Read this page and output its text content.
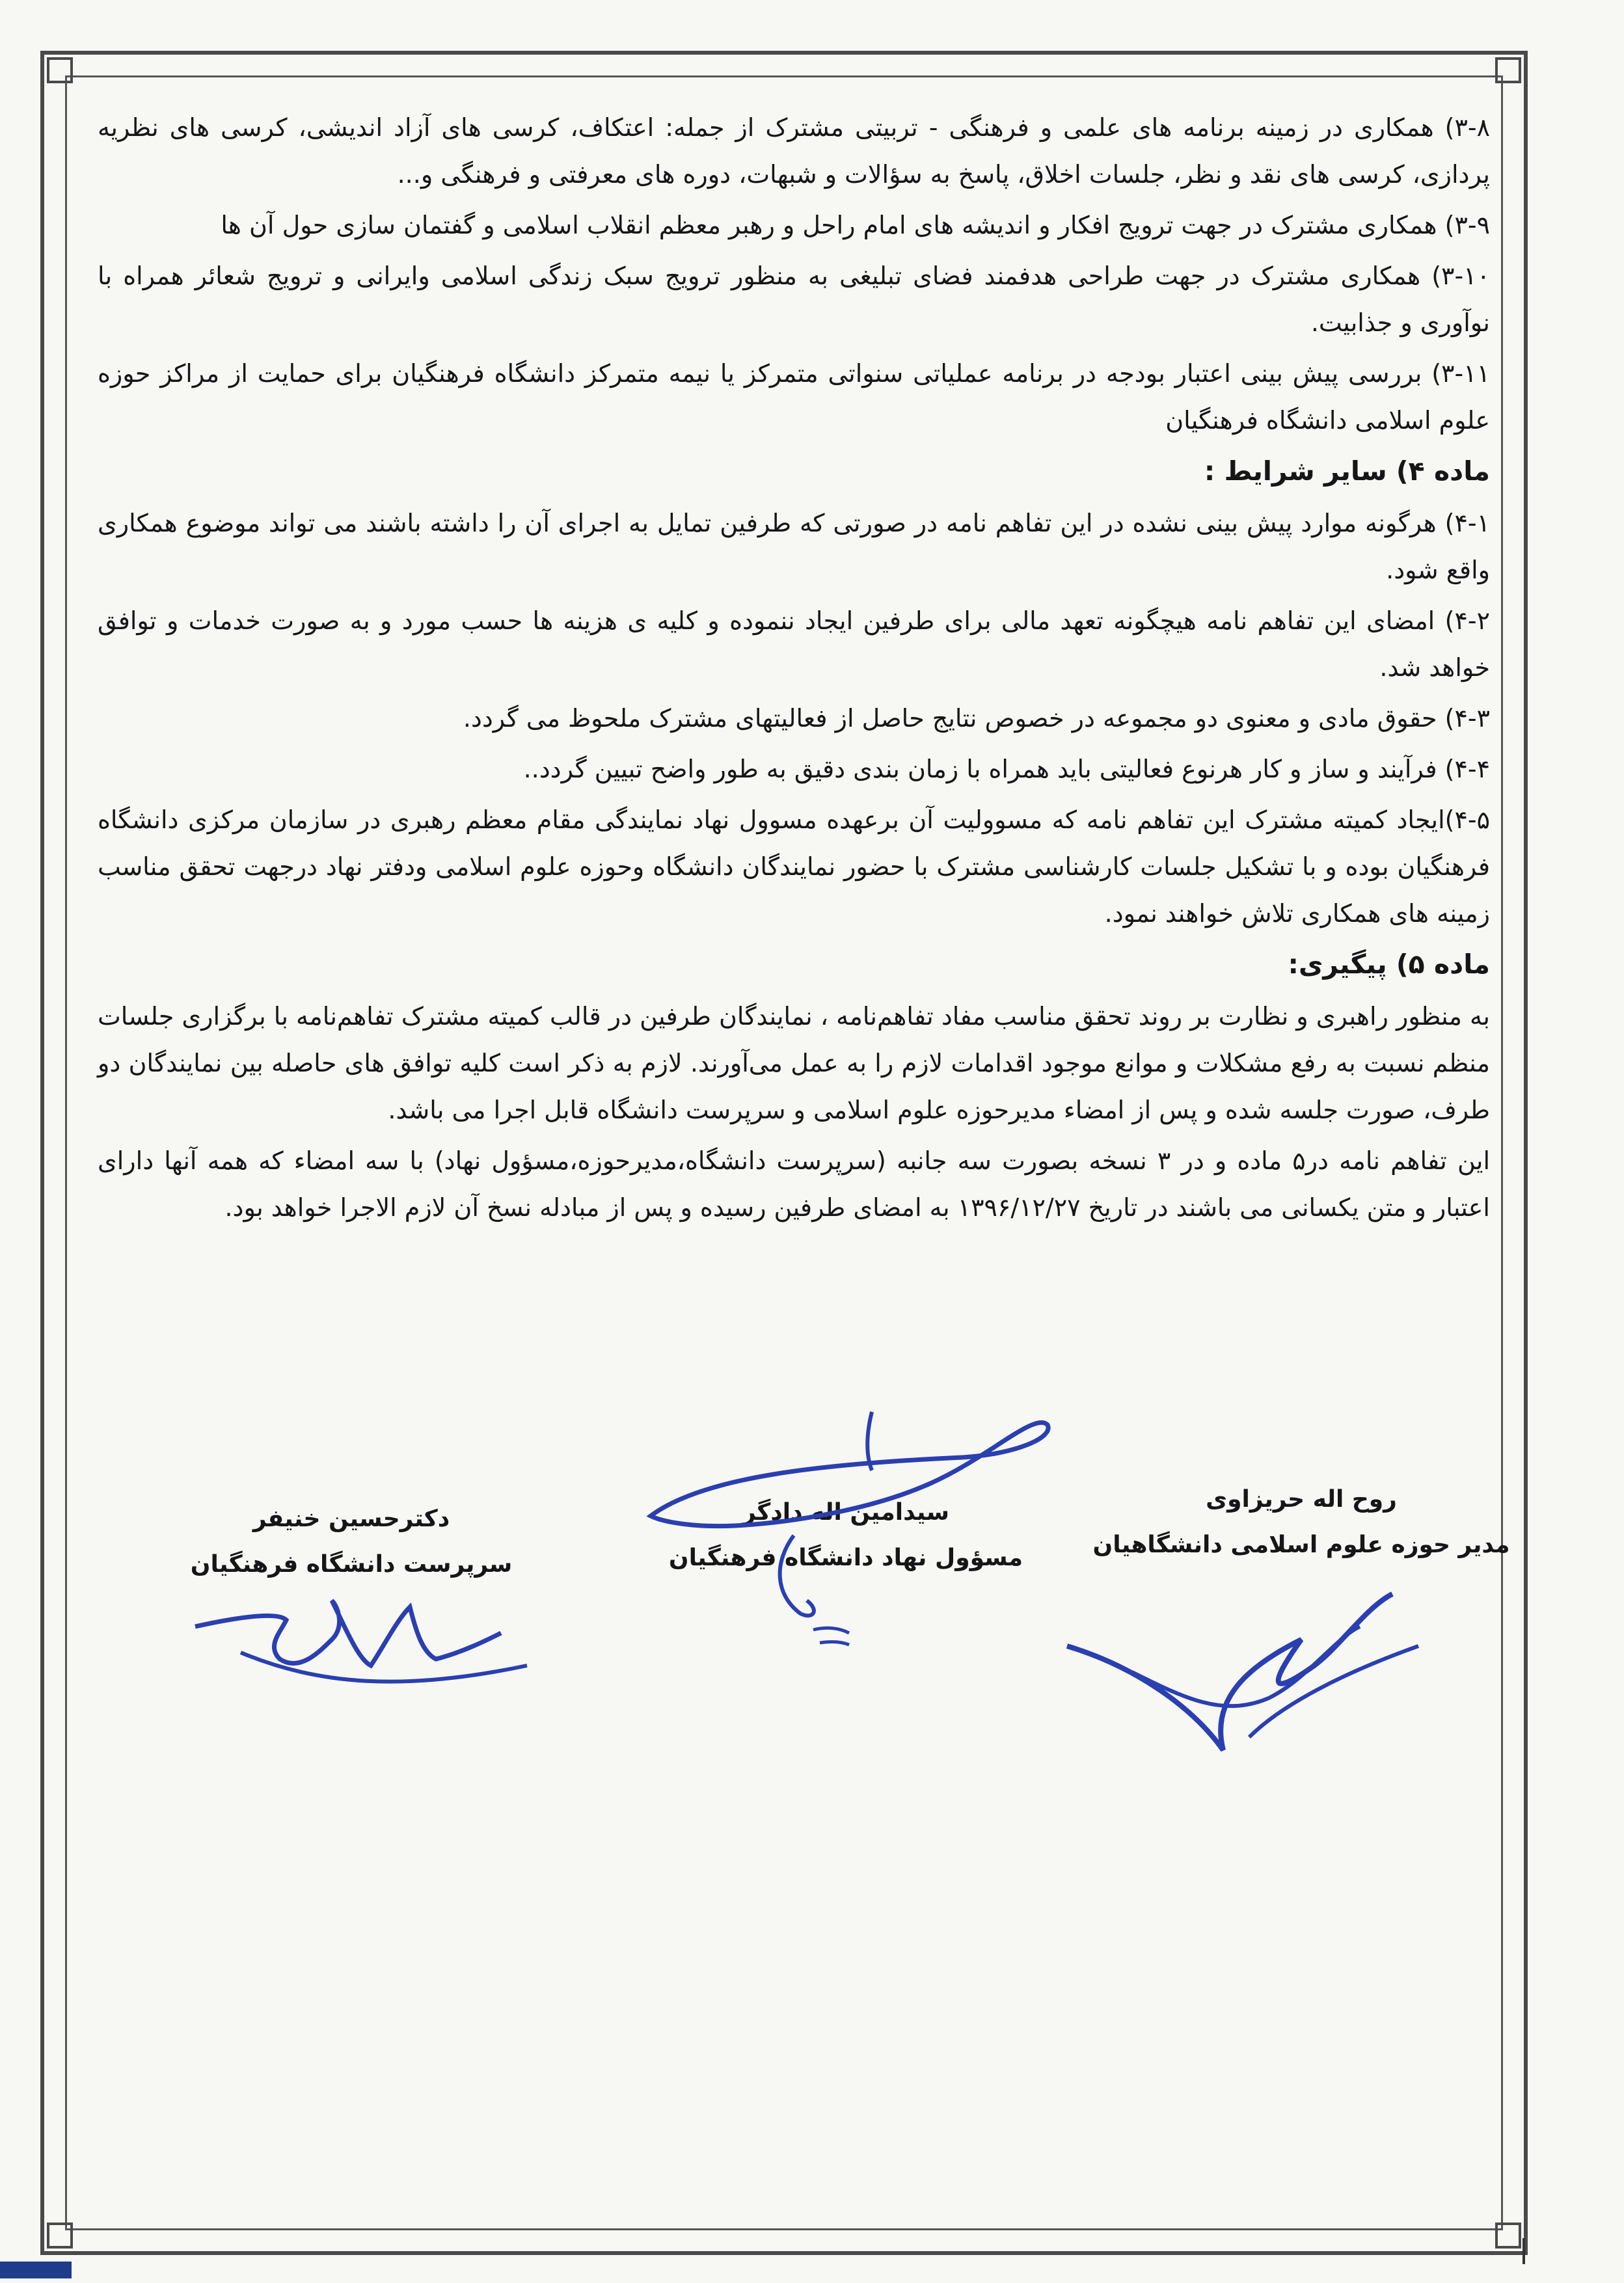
۳-۸) همکاری در زمینه برنامه های علمی و فرهنگی - تربیتی مشترک از جمله: اعتکاف، کرسی های آزاد اندیشی، کرسی های نظریه پردازی، کرسی های نقد و نظر، جلسات اخلاق، پاسخ به سؤالات و شبهات، دوره های معرفتی و فرهنگی و...

۳-۹) همکاری مشترک در جهت ترویج افکار و اندیشه های امام راحل و رهبر معظم انقلاب اسلامی و گفتمان سازی حول آن ها

۳-۱۰) همکاری مشترک در جهت طراحی هدفمند فضای تبلیغی به منظور ترویج سبک زندگی اسلامی وایرانی و ترویج شعائر همراه با نوآوری و جذابیت.

۳-۱۱) بررسی پیش بینی اعتبار بودجه در برنامه عملیاتی سنواتی متمرکز یا نیمه متمرکز دانشگاه فرهنگیان برای حمایت از مراکز حوزه علوم اسلامی دانشگاه فرهنگیان

ماده ۴) سایر شرایط :

۴-۱) هرگونه موارد پیش بینی نشده در این تفاهم نامه در صورتی که طرفین تمایل به اجرای آن را داشته باشند می تواند موضوع همکاری واقع شود.

۴-۲) امضای این تفاهم نامه هیچگونه تعهد مالی برای طرفین ایجاد ننموده و کلیه ی هزینه ها حسب مورد و به صورت خدمات و توافق خواهد شد.

۴-۳) حقوق مادی و معنوی دو مجموعه در خصوص نتایج حاصل از فعالیتهای مشترک ملحوظ می گردد.

۴-۴) فرآیند و ساز و کار هرنوع فعالیتی باید همراه با زمان بندی دقیق به طور واضح تبیین گردد..

۴-۵)ایجاد کمیته مشترک این تفاهم نامه که مسوولیت آن برعهده مسوول نهاد نمایندگی مقام معظم رهبری در سازمان مرکزی دانشگاه فرهنگیان بوده و با تشکیل جلسات کارشناسی مشترک با حضور نمایندگان دانشگاه وحوزه علوم اسلامی ودفتر نهاد درجهت تحقق مناسب زمینه های همکاری تلاش خواهند نمود.

ماده ۵) پیگیری:

به منظور راهبری و نظارت بر روند تحقق مناسب مفاد تفاهم‌نامه ، نمایندگان طرفین در قالب کمیته مشترک تفاهم‌نامه با برگزاری جلسات منظم نسبت به رفع مشکلات و موانع موجود اقدامات لازم را به عمل می‌آورند. لازم به ذکر است کلیه توافق های حاصله بین نمایندگان دو طرف، صورت جلسه شده و پس از امضاء مدیرحوزه علوم اسلامی و سرپرست دانشگاه قابل اجرا می باشد.

این تفاهم نامه در۵ ماده و در ۳ نسخه بصورت سه جانبه (سرپرست دانشگاه،مدیرحوزه،مسؤول نهاد) با سه امضاء که همه آنها دارای اعتبار و متن یکسانی می باشند در تاریخ ۱۳۹۶/۱۲/۲۷ به امضای طرفین رسیده و پس از مبادله نسخ آن لازم الاجرا خواهد بود.

روح اله حریزاوی
مدیر حوزه علوم اسلامی دانشگاهیان
سیدامین اله دادگر
مسؤول نهاد دانشگاه فرهنگیان
دکترحسین خنیفر
سرپرست دانشگاه فرهنگیان
